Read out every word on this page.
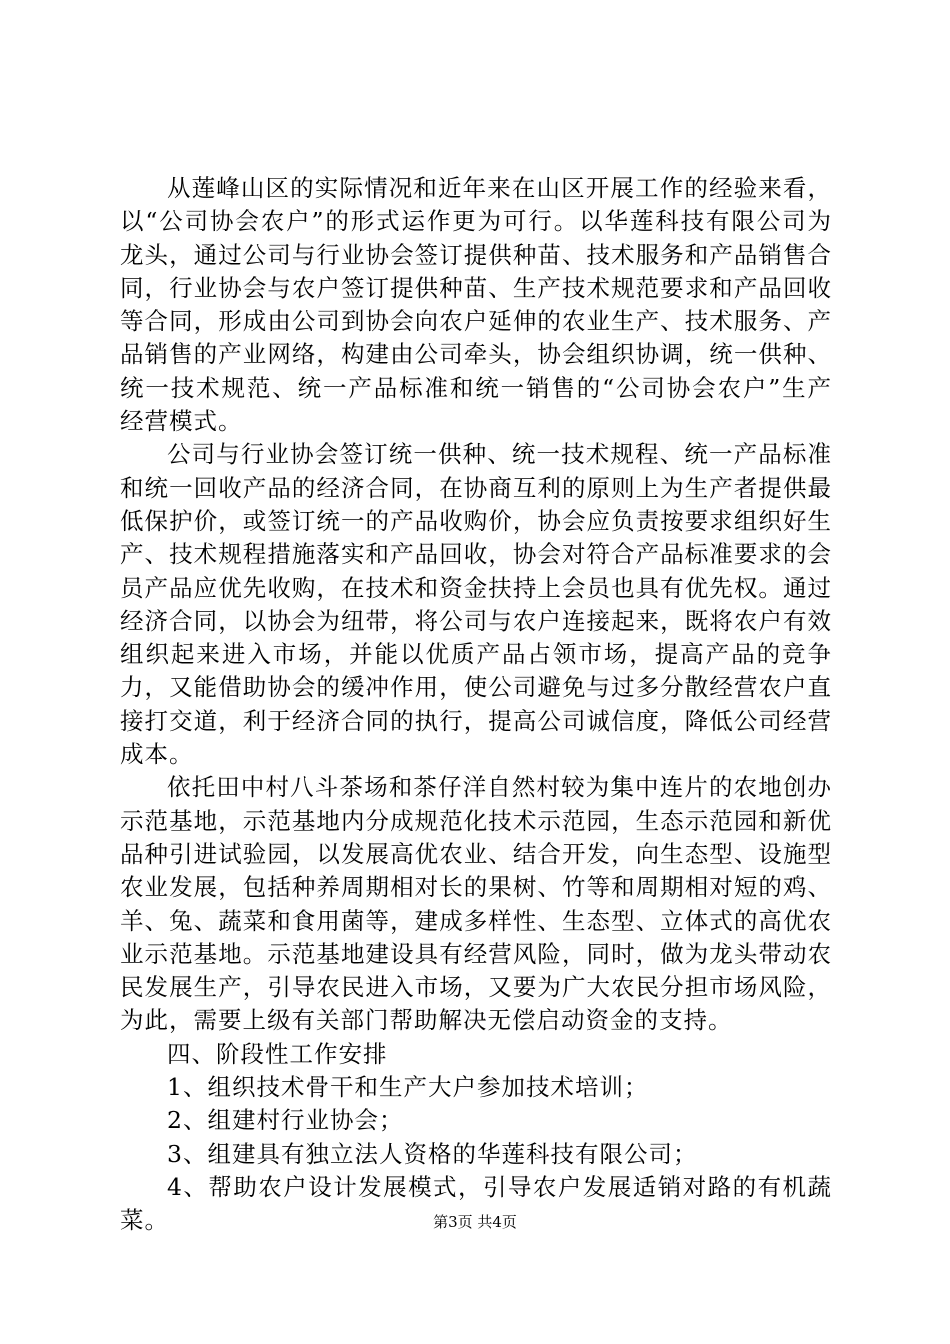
从莲峰山区的实际情况和近年来在山区开展工作的经验来看，以“公司协会农户”的形式运作更为可行。以华莲科技有限公司为龙头，通过公司与行业协会签订提供种苗、技术服务和产品销售合同，行业协会与农户签订提供种苗、生产技术规范要求和产品回收等合同，形成由公司到协会向农户延伸的农业生产、技术服务、产品销售的产业网络，构建由公司牵头，协会组织协调，统一供种、统一技术规范、统一产品标准和统一销售的“公司协会农户”生产经营模式。

公司与行业协会签订统一供种、统一技术规程、统一产品标准和统一回收产品的经济合同，在协商互利的原则上为生产者提供最低保护价，或签订统一的产品收购价，协会应负责按要求组织好生产、技术规程措施落实和产品回收，协会对符合产品标准要求的会员产品应优先收购，在技术和资金扶持上会员也具有优先权。通过经济合同，以协会为纽带，将公司与农户连接起来，既将农户有效组织起来进入市场，并能以优质产品占领市场，提高产品的竞争力，又能借助协会的缓冲作用，使公司避免与过多分散经营农户直接打交道，利于经济合同的执行，提高公司诚信度，降低公司经营成本。

依托田中村八斗茶场和茶仔洋自然村较为集中连片的农地创办示范基地，示范基地内分成规范化技术示范园，生态示范园和新优品种引进试验园，以发展高优农业、结合开发，向生态型、设施型农业发展，包括种养周期相对长的果树、竹等和周期相对短的鸡、羊、兔、蔬菜和食用菌等，建成多样性、生态型、立体式的高优农业示范基地。示范基地建设具有经营风险，同时，做为龙头带动农民发展生产，引导农民进入市场，又要为广大农民分担市场风险，为此，需要上级有关部门帮助解决无偿启动资金的支持。

四、阶段性工作安排

1、组织技术骨干和生产大户参加技术培训；

2、组建村行业协会；

3、组建具有独立法人资格的华莲科技有限公司；

4、帮助农户设计发展模式，引导农户发展适销对路的有机蔬菜。	第3页 共4页
